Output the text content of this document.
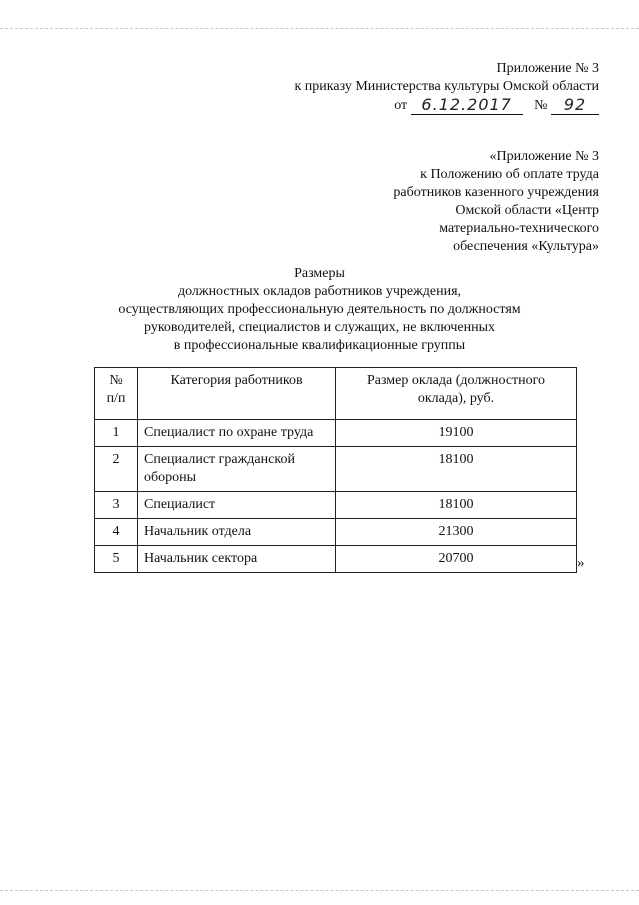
Приложение № 3
к приказу Министерства культуры Омской области
от 6.12.2017 № 92
«Приложение № 3
к Положению об оплате труда
работников казенного учреждения
Омской области «Центр
материально-технического
обеспечения «Культура»
Размеры
должностных окладов работников учреждения,
осуществляющих профессиональную деятельность по должностям
руководителей, специалистов и служащих, не включенных
в профессиональные квалификационные группы
№
п/п	Категория работников	Размер оклада (должностного оклада), руб.
1	Специалист по охране труда	19100
2	Специалист гражданской обороны	18100
3	Специалист	18100
4	Начальник отдела	21300
5	Начальник сектора	20700	»
